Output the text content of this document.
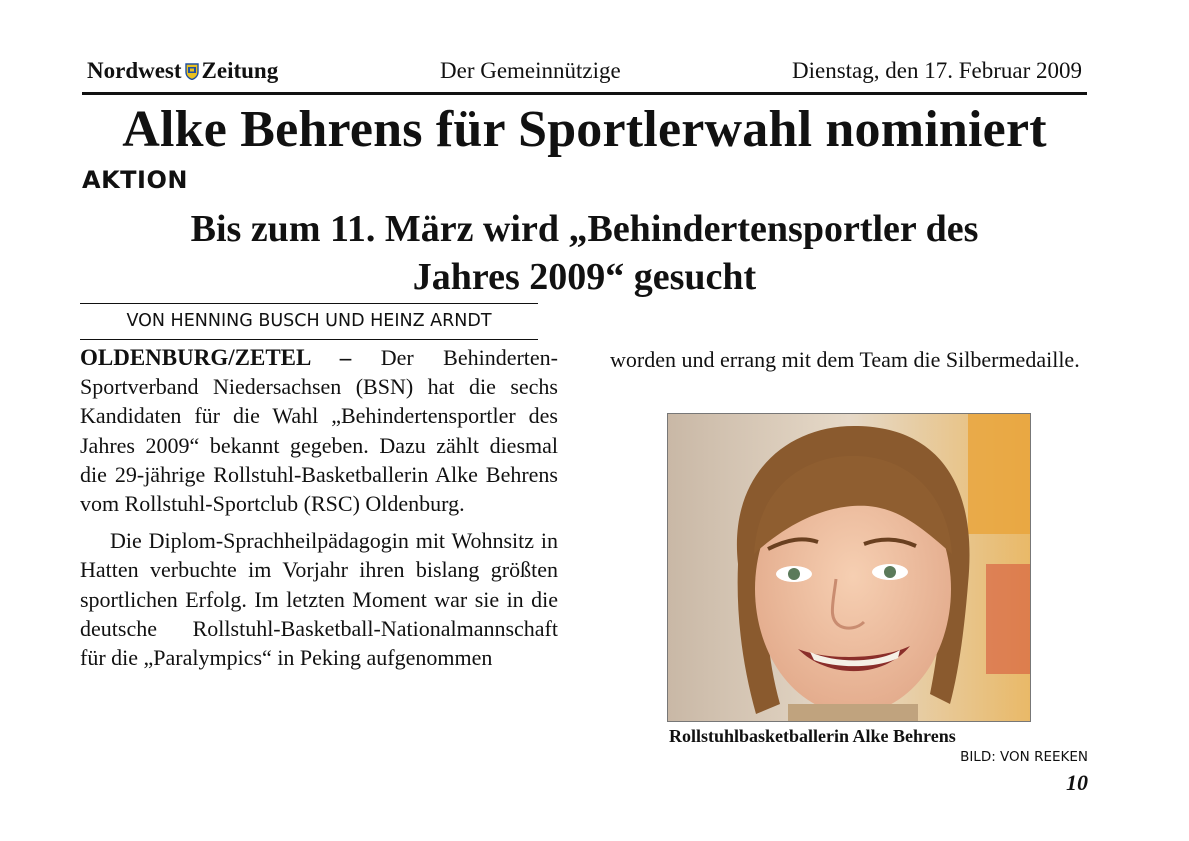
Nordwest Zeitung	Der Gemeinnützige	Dienstag, den 17. Februar 2009
Alke Behrens für Sportlerwahl nominiert
AKTION
Bis zum 11. März wird „Behindertensportler des
Jahres 2009“ gesucht
VON HENNING BUSCH UND HEINZ ARNDT

OLDENBURG/ZETEL – Der Behinderten-Sportverband Niedersachsen (BSN) hat die sechs Kandidaten für die Wahl „Behindertensportler des Jahres 2009“ bekannt gegeben. Dazu zählt diesmal die 29-jährige Rollstuhl-Basketballerin Alke Behrens vom Rollstuhl-Sportclub (RSC) Oldenburg.

Die Diplom-Sprachheilpädagogin mit Wohnsitz in Hatten verbuchte im Vorjahr ihren bislang größten sportlichen Erfolg. Im letzten Moment war sie in die deutsche Rollstuhl-Basketball-Nationalmannschaft für die „Paralympics“ in Peking aufgenommen

worden und errang mit dem Team die Silbermedaille.
Rollstuhlbasketballerin Alke Behrens
BILD: VON REEKEN
10
